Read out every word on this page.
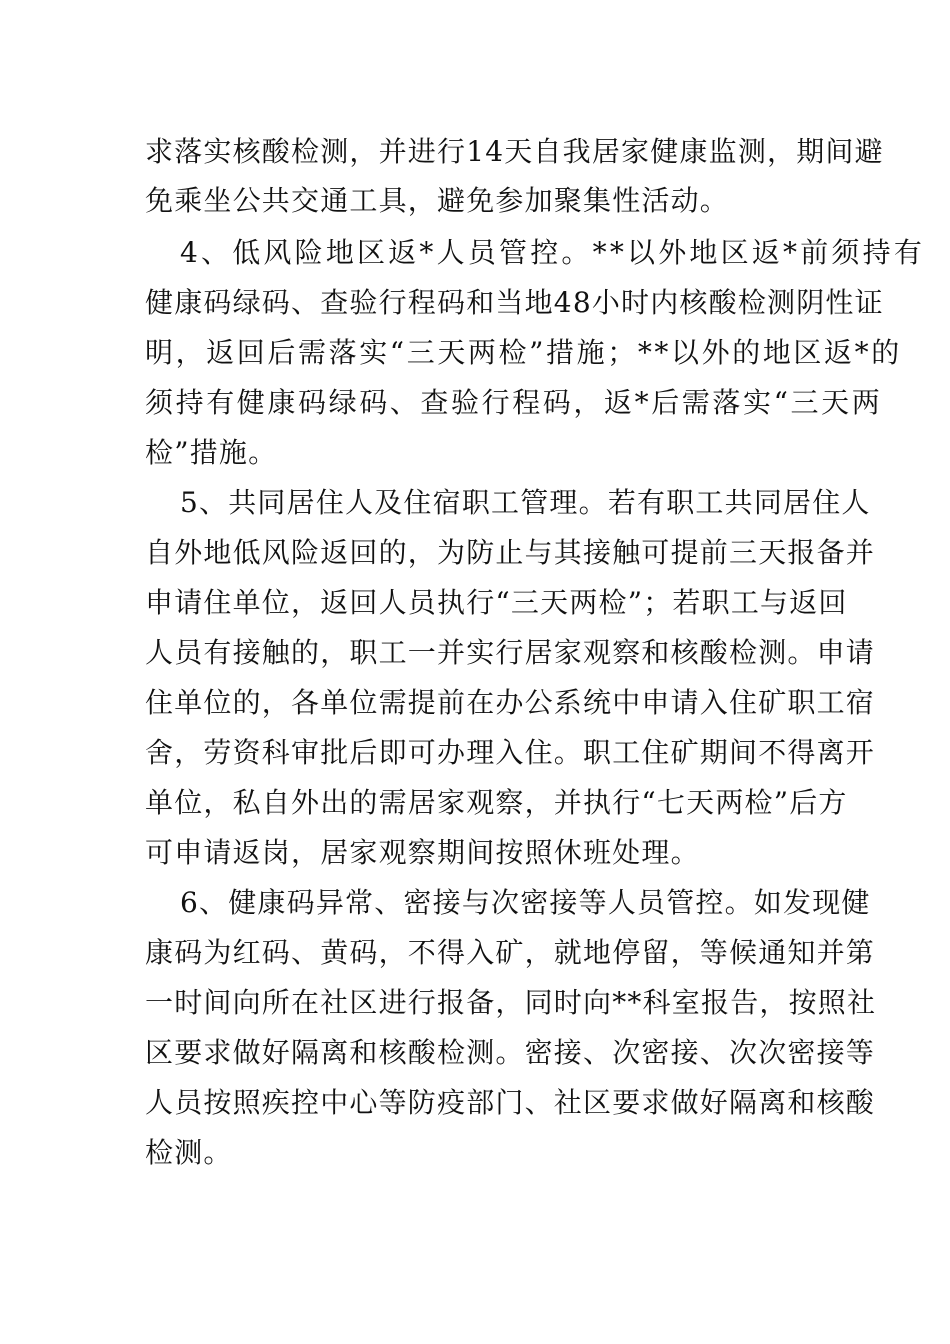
求落实核酸检测，并进行14天自我居家健康监测，期间避
免乘坐公共交通工具，避免参加聚集性活动。
4、低风险地区返*人员管控。**以外地区返*前须持有
健康码绿码、查验行程码和当地48小时内核酸检测阴性证
明，返回后需落实“三天两检”措施；**以外的地区返*的
须持有健康码绿码、查验行程码，返*后需落实“三天两
检”措施。
5、共同居住人及住宿职工管理。若有职工共同居住人
自外地低风险返回的，为防止与其接触可提前三天报备并
申请住单位，返回人员执行“三天两检”；若职工与返回
人员有接触的，职工一并实行居家观察和核酸检测。申请
住单位的，各单位需提前在办公系统中申请入住矿职工宿
舍，劳资科审批后即可办理入住。职工住矿期间不得离开
单位，私自外出的需居家观察，并执行“七天两检”后方
可申请返岗，居家观察期间按照休班处理。
6、健康码异常、密接与次密接等人员管控。如发现健
康码为红码、黄码，不得入矿，就地停留，等候通知并第
一时间向所在社区进行报备，同时向**科室报告，按照社
区要求做好隔离和核酸检测。密接、次密接、次次密接等
人员按照疾控中心等防疫部门、社区要求做好隔离和核酸
检测。
